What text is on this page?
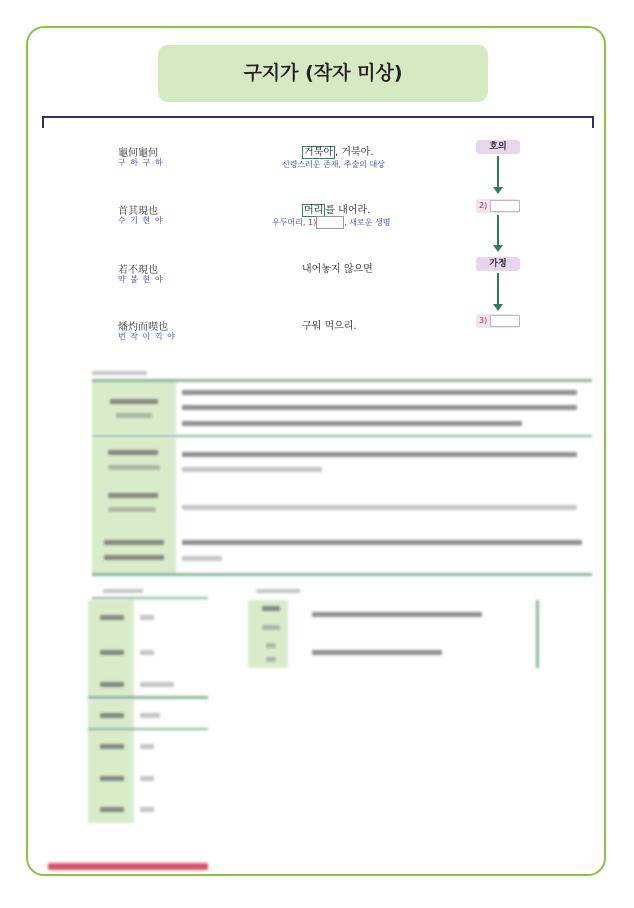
구지가 (작자 미상)
龜何龜何
구 하 구 하
거북아 , 거북아.
신령스러운 존재, 주술의 대상
호의
首其現也
수 기 현 야
머리 를 내어라.
우두머리, 1)	, 새로운 생명
2)
若不現也
약 불 현 야
내어놓지 않으면	가정
燔灼而喫也
번 작 이 끽 야
구워 먹으리.
3)
